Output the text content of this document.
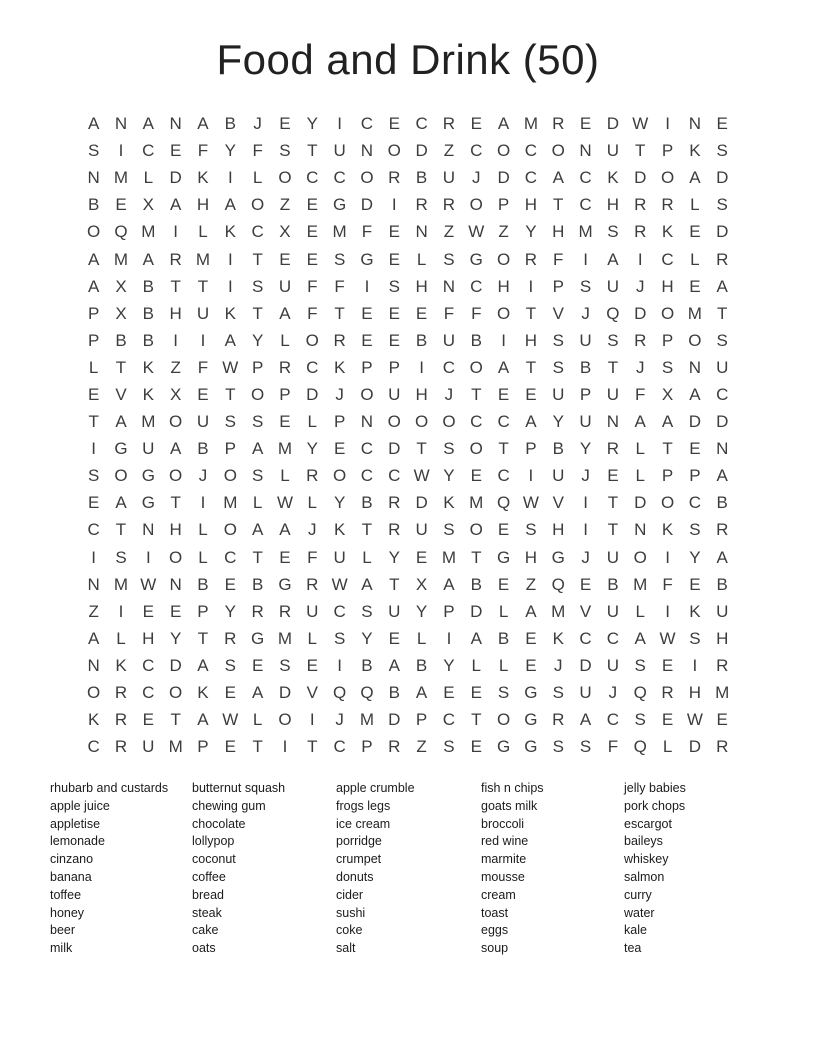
Food and Drink (50)
A N A N A B	J	E Y	I	C E C R E A M R E D W I	N E
S	I	C E F Y F S T U N O D Z C O C O N U T P K S
N M L D K	I	L O C C O R B U J D C A C K D O A D
B E X A H A O Z E G D	I	R R O P H T C H R R L S
O Q M	I	L K C X E M F E N Z W Z Y H M S R K E D
A M A R M	I	T E E S G E L S G O R F	I	A	I	C L R
A X B T T	I	S U F F	I	S H N C H	I	P S U J H E A
P X B H U K T A F T E E E F F O T V	J Q D O M T
P B B	I	I	A Y L O R E E B U B	I	H S U S R P O S
L	T K Z F W P R C K P P	I	C O A T S B T	J	S N U
E V K X E T O P D J O U H J	T E E U P U F X A C
T A M O U S S E L P N O O O C C A Y U N A A D D
I	G U A B P A M Y E C D T S O T P B Y R L	T E N
S O G O J O S L R O C C W Y E C	I	U J	E L P P A
E A G T	I	M L W L Y B R D K M Q W V	I	T D O C B
C T N H L O A A	J	K T R U S O E S H	I	T N K S R
I	S	I	O L C T E F U L Y E M T G H G J U O	I	Y A
N M W N B E B G R W A T X A B E Z Q E B M F E B
Z	I	E E P Y R R U C S U Y P D L A M V U L	I	K U
A L H Y T R G M L S Y E L	I	A B E K C C A W S H
N K C D A S E S E	I	B A B Y L	L E	J D U S E	I	R
O R C O K E A D V Q Q B A E E S G S U J Q R H M
K R E T A W L O	I	J M D P C T O G R A C S E W E
C R U M P E T	I	T C P R Z S E G G S S F Q L D R
rhubarb and custards
apple juice
appletise
lemonade
cinzano
banana
toffee
honey
beer
milk
butternut squash
chewing gum
chocolate
lollypop
coconut
coffee
bread
steak
cake
oats
apple crumble
frogs legs
ice cream
porridge
crumpet
donuts
cider
sushi
coke
salt
fish n chips
goats milk
broccoli
red wine
marmite
mousse
cream
toast
eggs
soup
jelly babies
pork chops
escargot
baileys
whiskey
salmon
curry
water
kale
tea
